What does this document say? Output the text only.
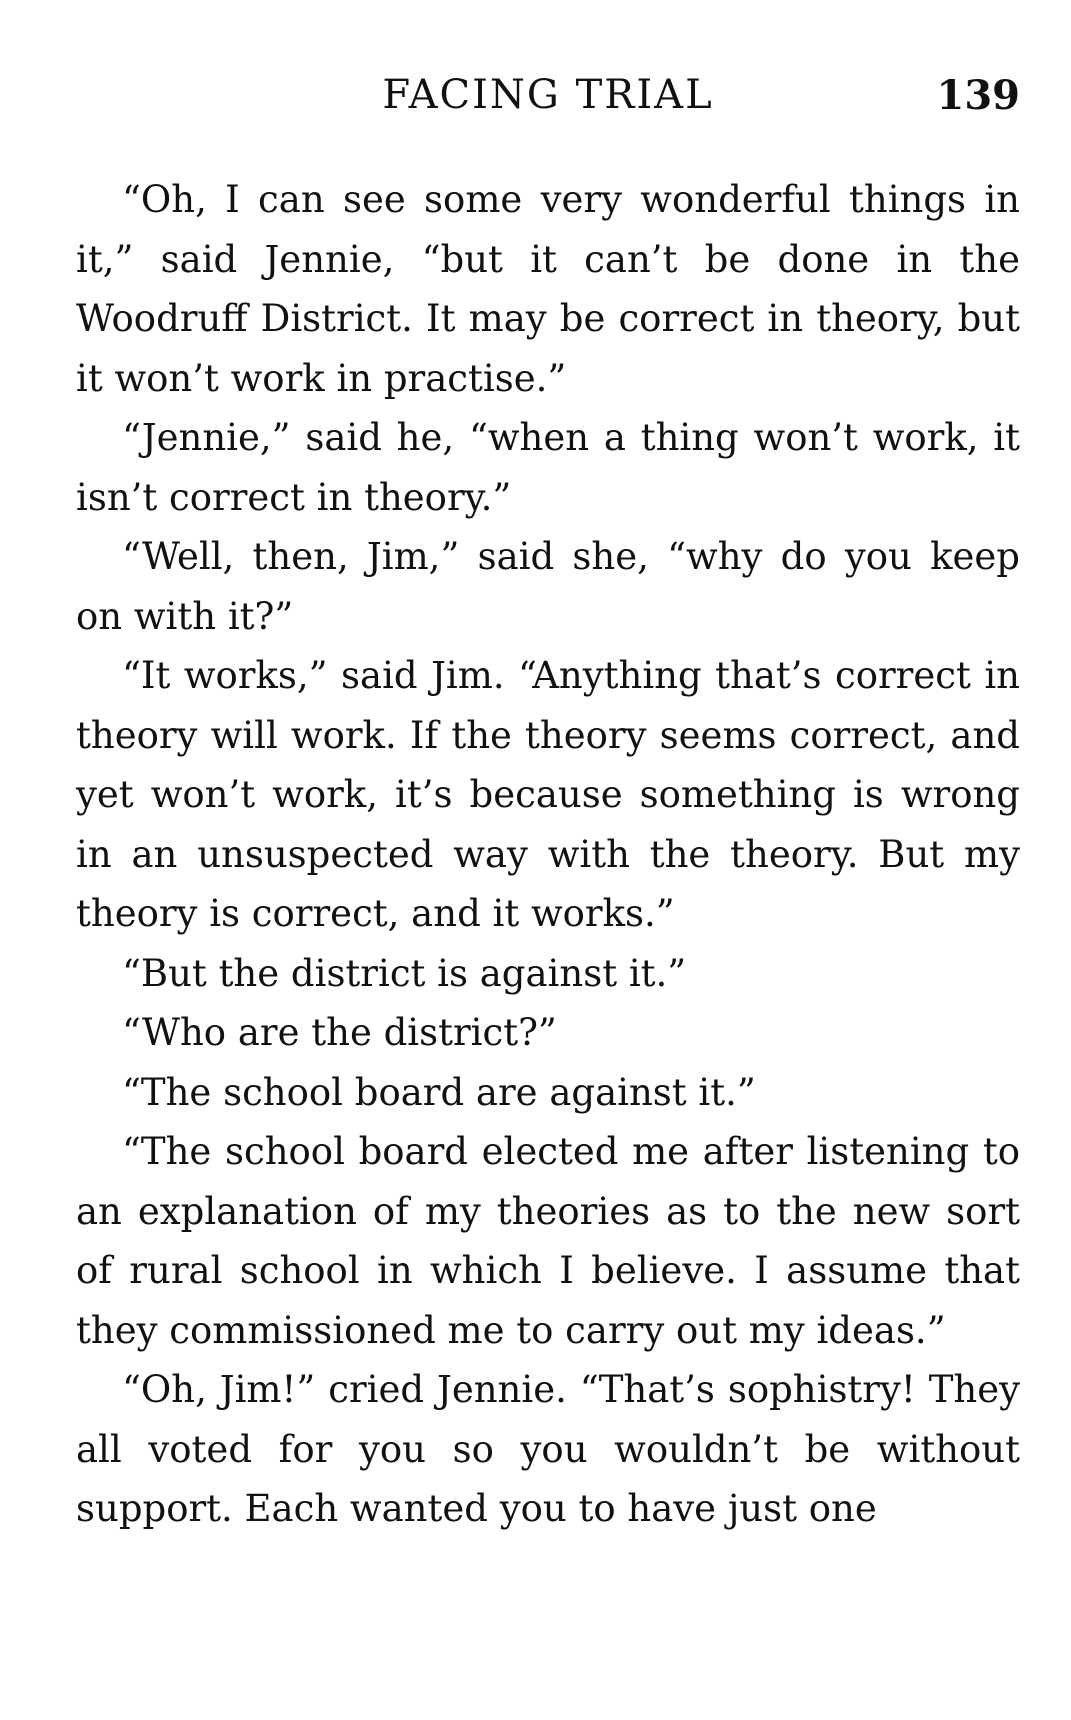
FACING TRIAL	139

“Oh, I can see some very wonderful things in it,” said Jennie, “but it can’t be done in the Woodruff District. It may be correct in theory, but it won’t work in practise.”

“Jennie,” said he, “when a thing won’t work, it isn’t correct in theory.”

“Well, then, Jim,” said she, “why do you keep on with it?”

“It works,” said Jim. “Anything that’s correct in theory will work. If the theory seems correct, and yet won’t work, it’s because something is wrong in an unsuspected way with the theory. But my theory is correct, and it works.”

“But the district is against it.”

“Who are the district?”

“The school board are against it.”

“The school board elected me after listening to an explanation of my theories as to the new sort of rural school in which I believe. I assume that they commissioned me to carry out my ideas.”

“Oh, Jim!” cried Jennie. “That’s sophistry! They all voted for you so you wouldn’t be without support. Each wanted you to have just one
